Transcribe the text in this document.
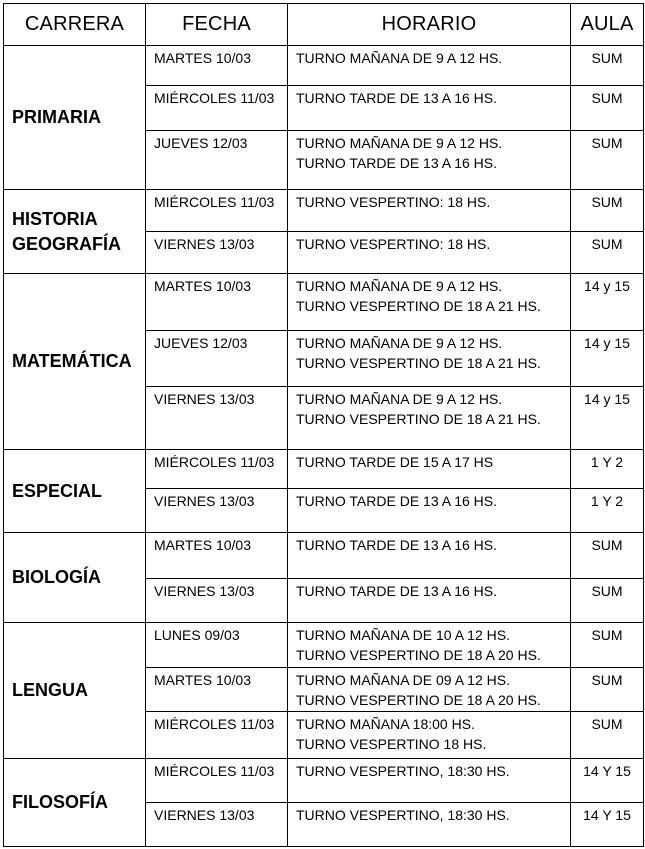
CARRERA	FECHA	HORARIO	AULA

PRIMARIA	MARTES 10/03	TURNO MAÑANA DE 9 A 12 HS.	SUM
	MIÉRCOLES 11/03	TURNO TARDE DE 13 A 16 HS.	SUM
	JUEVES 12/03	TURNO MAÑANA DE 9 A 12 HS.
TURNO TARDE DE 13 A 16 HS.	SUM

HISTORIA
GEOGRAFÍA	MIÉRCOLES 11/03	TURNO VESPERTINO: 18 HS.	SUM
	VIERNES 13/03	TURNO VESPERTINO: 18 HS.	SUM

MATEMÁTICA	MARTES 10/03	TURNO MAÑANA DE 9 A 12 HS.
TURNO VESPERTINO DE 18 A 21 HS.	14 y 15
	JUEVES 12/03	TURNO MAÑANA DE 9 A 12 HS.
TURNO VESPERTINO DE 18 A 21 HS.	14 y 15
	VIERNES 13/03	TURNO MAÑANA DE 9 A 12 HS.
TURNO VESPERTINO DE 18 A 21 HS.	14 y 15

ESPECIAL	MIÉRCOLES 11/03	TURNO TARDE DE 15 A 17 HS	1 Y 2
	VIERNES 13/03	TURNO TARDE DE 13 A 16 HS.	1 Y 2

BIOLOGÍA	MARTES 10/03	TURNO TARDE DE 13 A 16 HS.	SUM
	VIERNES 13/03	TURNO TARDE DE 13 A 16 HS.	SUM

LENGUA	LUNES 09/03	TURNO MAÑANA DE 10 A 12 HS.
TURNO VESPERTINO DE 18 A 20 HS.	SUM
	MARTES 10/03	TURNO MAÑANA DE 09 A 12 HS.
TURNO VESPERTINO DE 18 A 20 HS.	SUM
	MIÉRCOLES 11/03	TURNO MAÑANA 18:00 HS.
TURNO VESPERTINO 18 HS.	SUM

FILOSOFÍA	MIÉRCOLES 11/03	TURNO VESPERTINO, 18:30 HS.	14 Y 15
	VIERNES 13/03	TURNO VESPERTINO, 18:30 HS.	14 Y 15
